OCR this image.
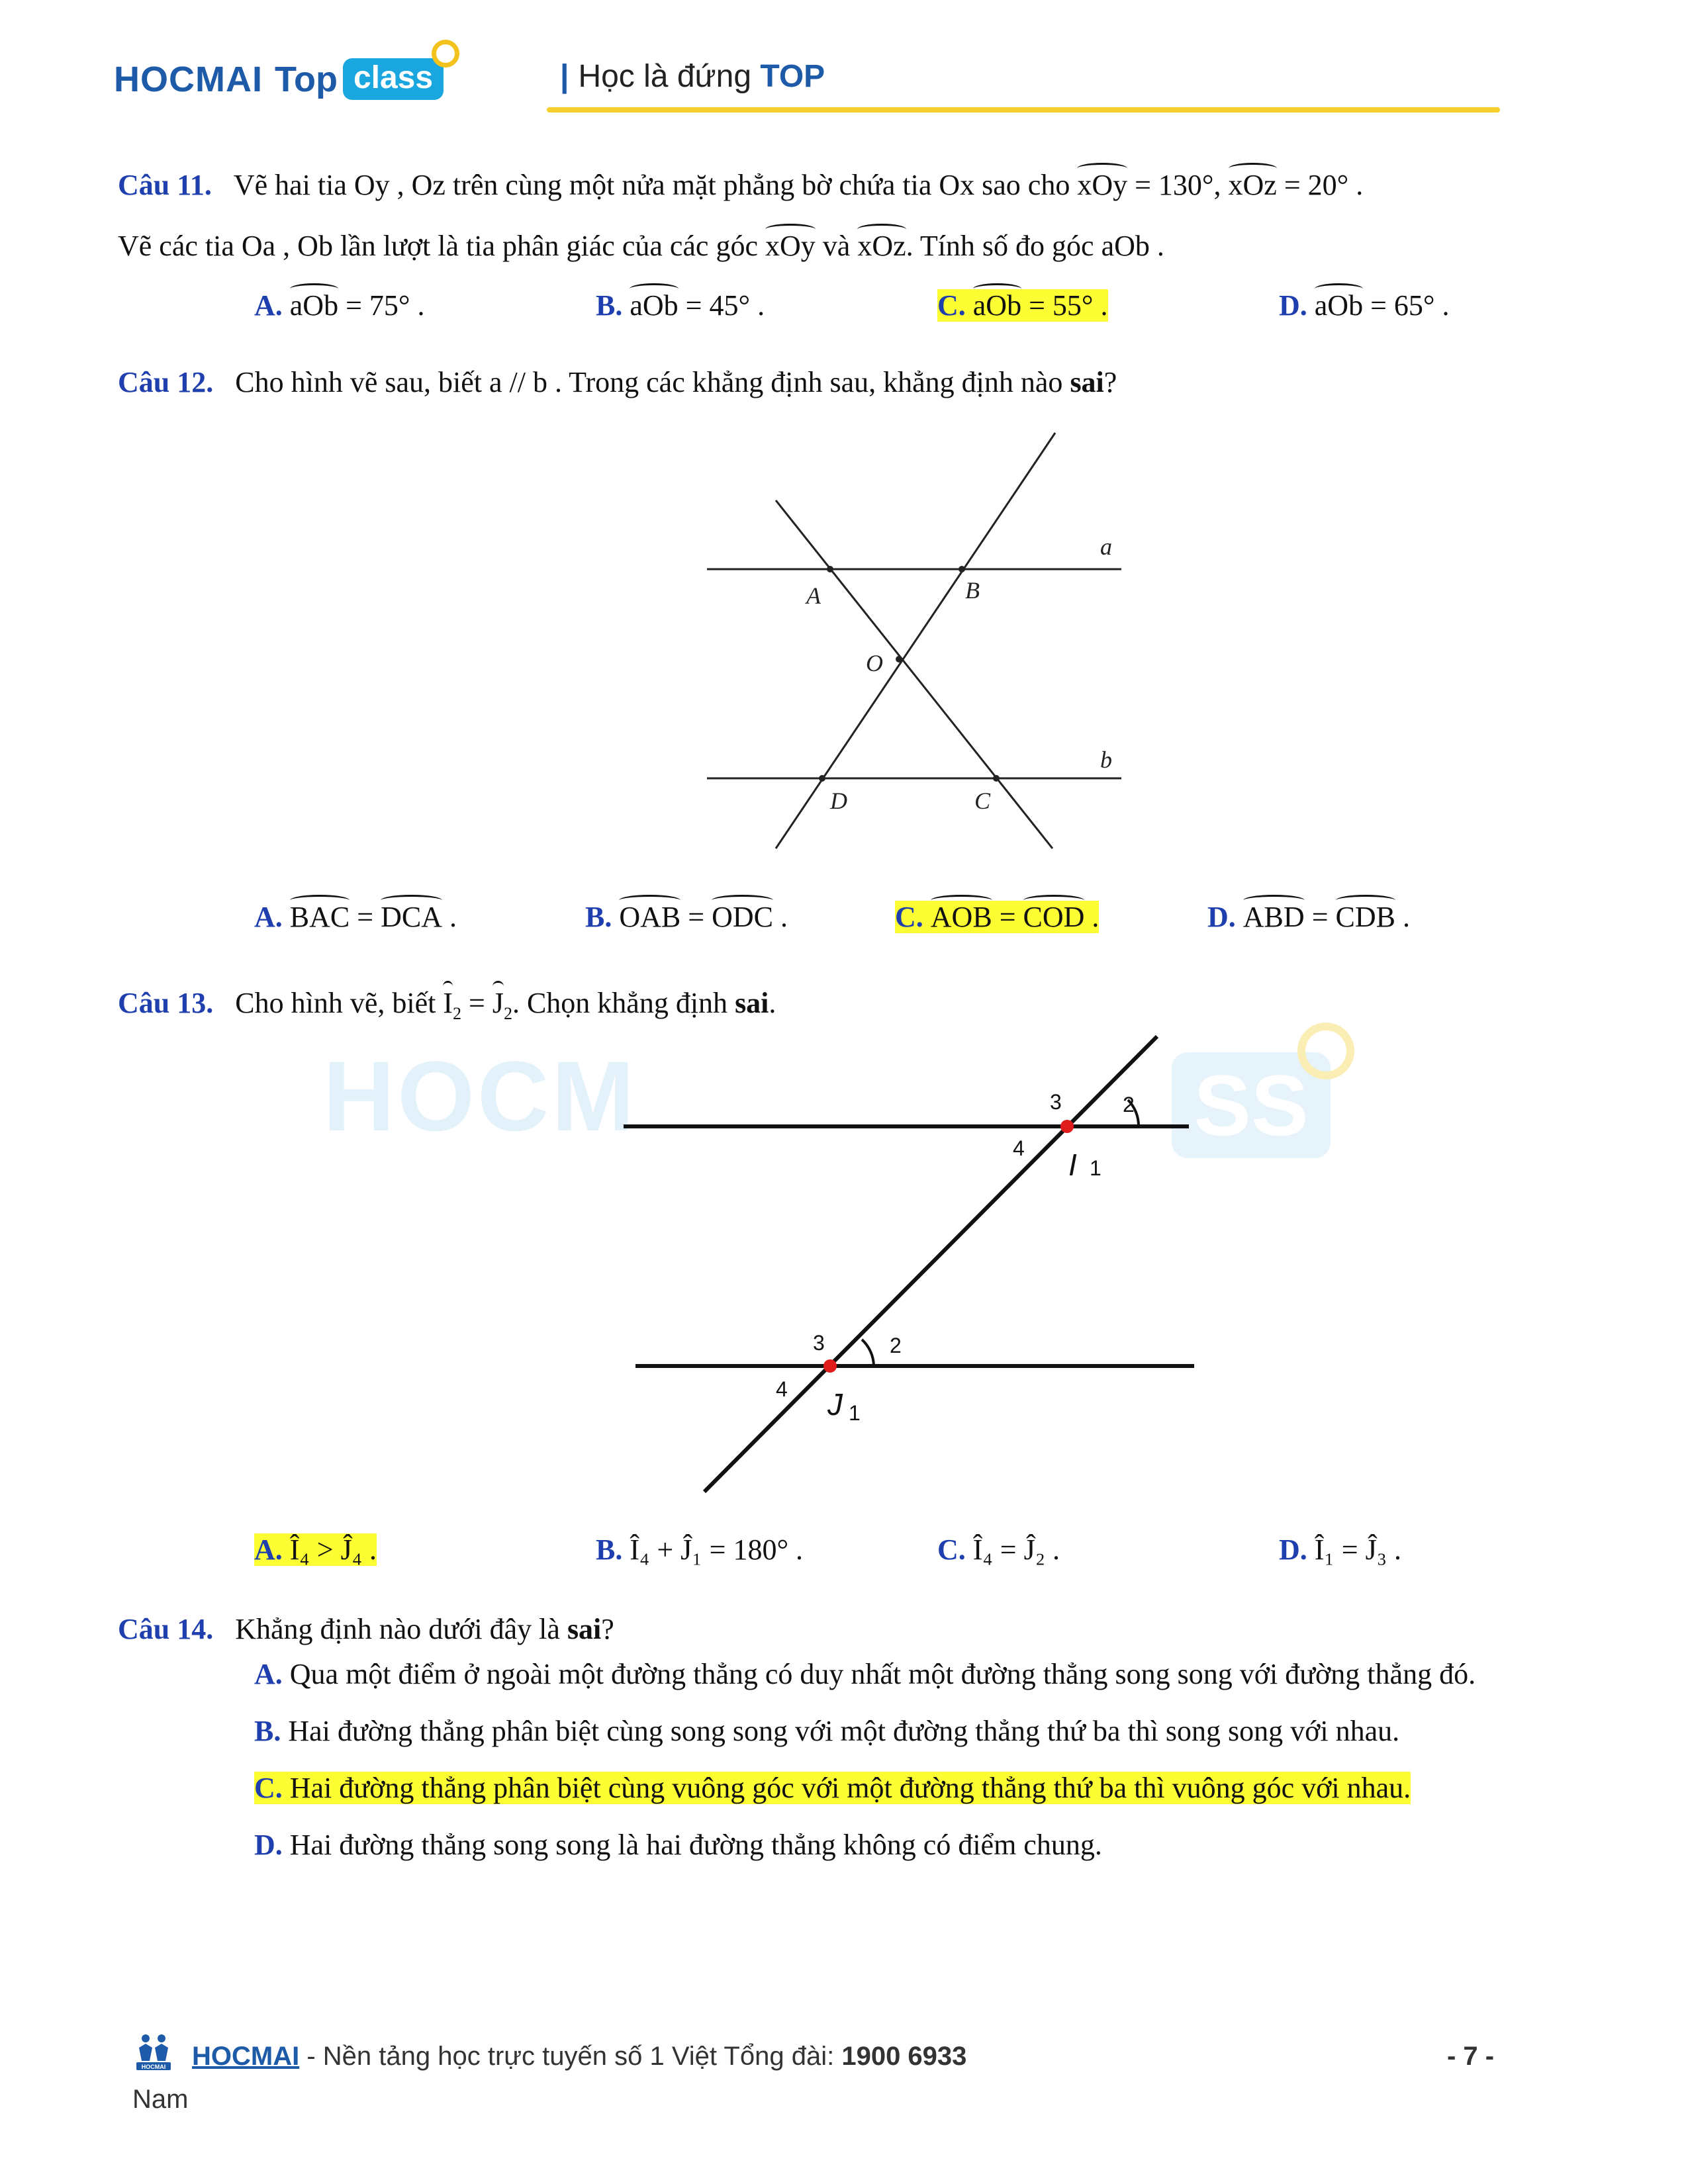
HOCMAI Top class	| Học là đứng TOP
HOCM	SS
Câu 11. Vẽ hai tia Oy , Oz trên cùng một nửa mặt phẳng bờ chứa tia Ox sao cho xOy = 130°, xOz = 20° .
Vẽ các tia Oa , Ob lần lượt là tia phân giác của các góc xOy và xOz. Tính số đo góc aOb .
A. aOb = 75° .	B. aOb = 45° .	C. aOb = 55° .	D. aOb = 65° .
Câu 12. Cho hình vẽ sau, biết a // b . Trong các khẳng định sau, khẳng định nào sai?
a
b
A	B
O
D	C
A. BAC = DCA .	B. OAB = ODC .	C. AOB = COD .	D. ABD = CDB .
Câu 13. Cho hình vẽ, biết $I_2 = J_2$. Chọn khẳng định sai.
3	2
4 I 1
3	2
4 J 1
A. Î₄ > Ĵ₄ .	B. Î₄ + Ĵ₁ = 180° .	C. Î₄ = Ĵ₂ .	D. Î₁ = Ĵ₃ .
Câu 14. Khẳng định nào dưới đây là sai?
A. Qua một điểm ở ngoài một đường thẳng có duy nhất một đường thẳng song song với đường thẳng đó.
B. Hai đường thẳng phân biệt cùng song song với một đường thẳng thứ ba thì song song với nhau.
C. Hai đường thẳng phân biệt cùng vuông góc với một đường thẳng thứ ba thì vuông góc với nhau.
D. Hai đường thẳng song song là hai đường thẳng không có điểm chung.
HOCMAI HOCMAI - Nền tảng học trực tuyến số 1 Việt Tổng đài: 1900 6933	- 7 -
Nam
